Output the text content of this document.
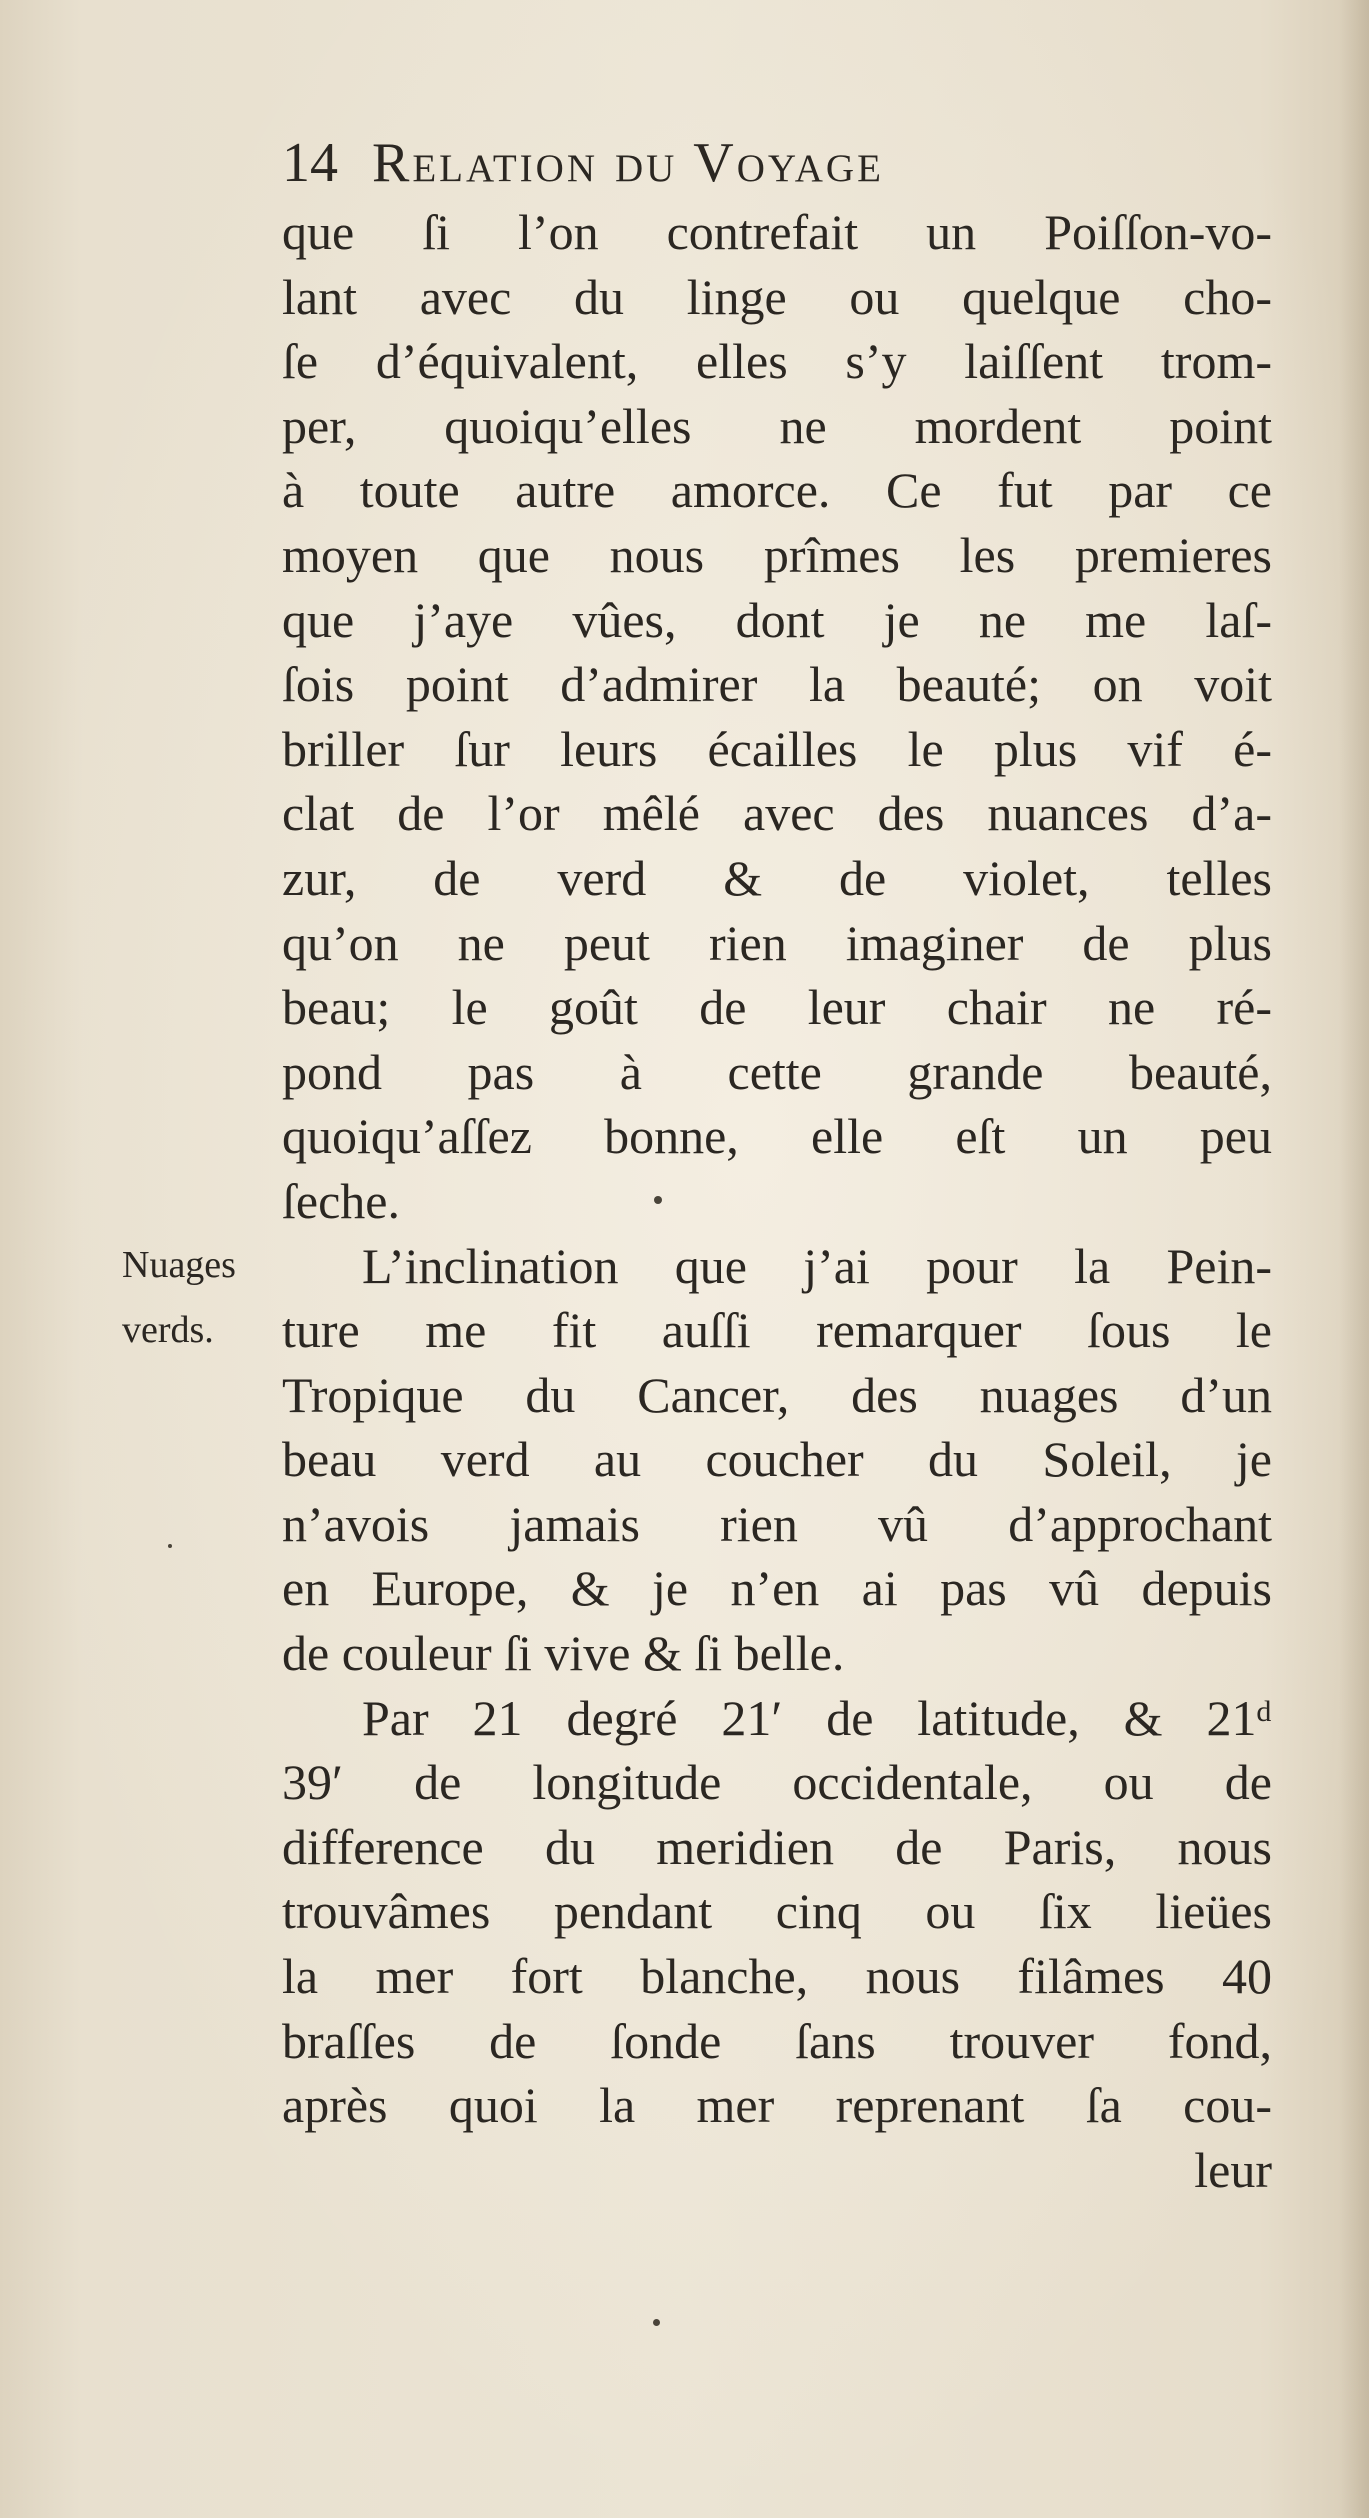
14 Relation du Voyage
Nuages
verds.
que ſi l’on contrefait un Poiſſon-vo-
lant avec du linge ou quelque cho-
ſe d’équivalent, elles s’y laiſſent trom-
per, quoiqu’elles ne mordent point
à toute autre amorce. Ce fut par ce
moyen que nous prîmes les premieres
que j’aye vûes, dont je ne me laſ-
ſois point d’admirer la beauté; on voit
briller ſur leurs écailles le plus vif é-
clat de l’or mêlé avec des nuances d’a-
zur, de verd & de violet, telles
qu’on ne peut rien imaginer de plus
beau; le goût de leur chair ne ré-
pond pas à cette grande beauté,
quoiqu’aſſez bonne, elle eſt un peu
ſeche.
L’inclination que j’ai pour la Pein-
ture me fit auſſi remarquer ſous le
Tropique du Cancer, des nuages d’un
beau verd au coucher du Soleil, je
n’avois jamais rien vû d’approchant
en Europe, & je n’en ai pas vû depuis
de couleur ſi vive & ſi belle.
Par 21 degré 21′ de latitude, & 21ᵈ
39′ de longitude occidentale, ou de
difference du meridien de Paris, nous
trouvâmes pendant cinq ou ſix lieües
la mer fort blanche, nous filâmes 40
braſſes de ſonde ſans trouver fond,
après quoi la mer reprenant ſa cou-
leur
